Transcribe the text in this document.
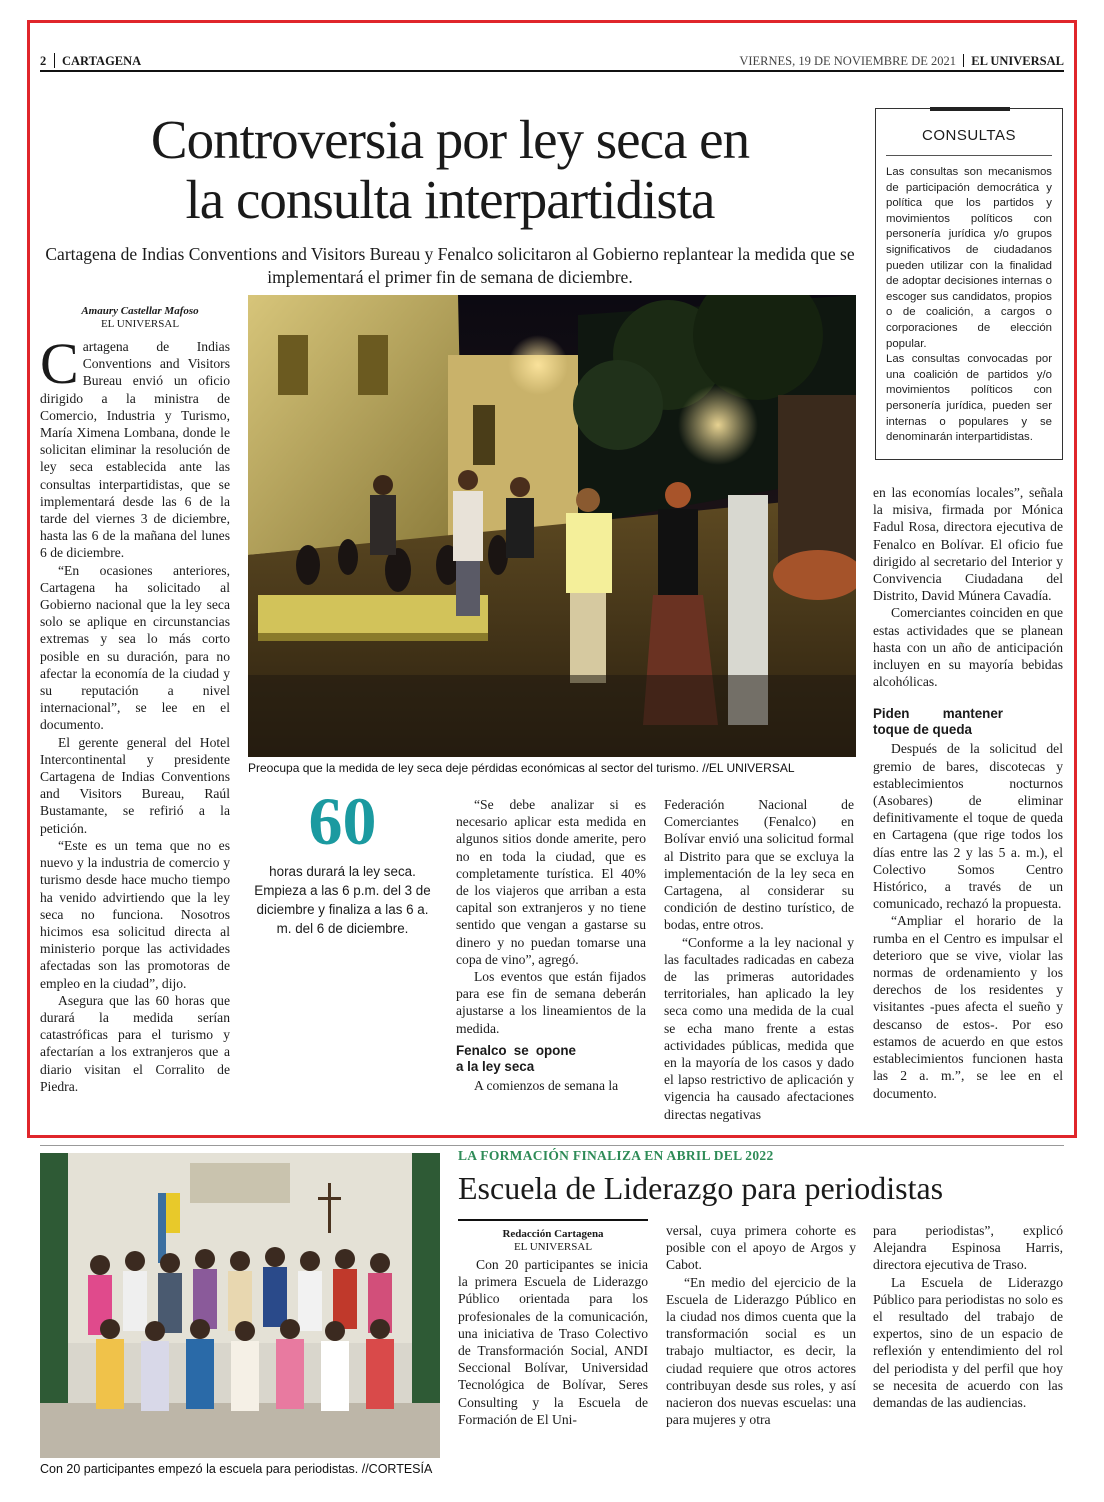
2 CARTAGENA	VIERNES, 19 DE NOVIEMBRE DE 2021 EL UNIVERSAL
Controversia por ley seca en
la consulta interpartidista
Cartagena de Indias Conventions and Visitors Bureau y Fenalco solicitaron al Gobierno replantear la medida que se implementará el primer fin de semana de diciembre.
CONSULTAS
Las consultas son mecanismos de participación democrática y política que los partidos y movimientos políticos con personería jurídica y/o grupos significativos de ciudadanos pueden utilizar con la finalidad de adoptar decisiones internas o escoger sus candidatos, propios o de coalición, a cargos o corporaciones de elección popular.
Las consultas convocadas por una coalición de partidos y/o movimientos políticos con personería jurídica, pueden ser internas o populares y se denominarán interpartidistas.
Amaury Castellar Mafoso
EL UNIVERSAL

Cartagena de Indias Conventions and Visitors Bureau envió un oficio dirigido a la ministra de Comercio, Industria y Turismo, María Ximena Lombana, donde le solicitan eliminar la resolución de ley seca establecida ante las consultas interpartidistas, que se implementará desde las 6 de la tarde del viernes 3 de diciembre, hasta las 6 de la mañana del lunes 6 de diciembre.

“En ocasiones anteriores, Cartagena ha solicitado al Gobierno nacional que la ley seca solo se aplique en circunstancias extremas y sea lo más corto posible en su duración, para no afectar la economía de la ciudad y su reputación a nivel internacional”, se lee en el documento.

El gerente general del Hotel Intercontinental y presidente Cartagena de Indias Conventions and Visitors Bureau, Raúl Bustamante, se refirió a la petición.

“Este es un tema que no es nuevo y la industria de comercio y turismo desde hace mucho tiempo ha venido advirtiendo que la ley seca no funciona. Nosotros hicimos esa solicitud directa al ministerio porque las actividades afectadas son las promotoras de empleo en la ciudad”, dijo.

Asegura que las 60 horas que durará la medida serían catastróficas para el turismo y afectarían a los extranjeros que a diario visitan el Corralito de Piedra.

Preocupa que la medida de ley seca deje pérdidas económicas al sector del turismo. //EL UNIVERSAL
60
horas durará la ley seca. Empieza a las 6 p.m. del 3 de diciembre y finaliza a las 6 a. m. del 6 de diciembre.

“Se debe analizar si es necesario aplicar esta medida en algunos sitios donde amerite, pero no en toda la ciudad, que es completamente turística. El 40% de los viajeros que arriban a esta capital son extranjeros y no tiene sentido que vengan a gastarse su dinero y no puedan tomarse una copa de vino”, agregó.

Los eventos que están fijados para ese fin de semana deberán ajustarse a los lineamientos de la medida.

Fenalco se opone a la ley seca

A comienzos de semana la

Federación Nacional de Comerciantes (Fenalco) en Bolívar envió una solicitud formal al Distrito para que se excluya la implementación de la ley seca en Cartagena, al considerar su condición de destino turístico, de bodas, entre otros.

“Conforme a la ley nacional y las facultades radicadas en cabeza de las primeras autoridades territoriales, han aplicado la ley seca como una medida de la cual se echa mano frente a estas actividades públicas, medida que en la mayoría de los casos y dado el lapso restrictivo de aplicación y vigencia ha causado afectaciones directas negativas

en las economías locales”, señala la misiva, firmada por Mónica Fadul Rosa, directora ejecutiva de Fenalco en Bolívar. El oficio fue dirigido al secretario del Interior y Convivencia Ciudadana del Distrito, David Múnera Cavadía.

Comerciantes coinciden en que estas actividades que se planean hasta con un año de anticipación incluyen en su mayoría bebidas alcohólicas.

Piden mantener toque de queda

Después de la solicitud del gremio de bares, discotecas y establecimientos nocturnos (Asobares) de eliminar definitivamente el toque de queda en Cartagena (que rige todos los días entre las 2 y las 5 a. m.), el Colectivo Somos Centro Histórico, a través de un comunicado, rechazó la propuesta.

“Ampliar el horario de la rumba en el Centro es impulsar el deterioro que se vive, violar las normas de ordenamiento y los derechos de los residentes y visitantes -pues afecta el sueño y descanso de estos-. Por eso estamos de acuerdo en que estos establecimientos funcionen hasta las 2 a. m.”, se lee en el documento.

Con 20 participantes empezó la escuela para periodistas. //CORTESÍA
LA FORMACIÓN FINALIZA EN ABRIL DEL 2022
Escuela de Liderazgo para periodistas
Redacción Cartagena
EL UNIVERSAL

Con 20 participantes se inicia la primera Escuela de Liderazgo Público orientada para los profesionales de la comunicación, una iniciativa de Traso Colectivo de Transformación Social, ANDI Seccional Bolívar, Universidad Tecnológica de Bolívar, Seres Consulting y la Escuela de Formación de El Uni-

versal, cuya primera cohorte es posible con el apoyo de Argos y Cabot.

“En medio del ejercicio de la Escuela de Liderazgo Público en la ciudad nos dimos cuenta que la transformación social es un trabajo multiactor, es decir, la ciudad requiere que otros actores contribuyan desde sus roles, y así nacieron dos nuevas escuelas: una para mujeres y otra

para periodistas”, explicó Alejandra Espinosa Harris, directora ejecutiva de Traso.

La Escuela de Liderazgo Público para periodistas no solo es el resultado del trabajo de expertos, sino de un espacio de reflexión y entendimiento del rol del periodista y del perfil que hoy se necesita de acuerdo con las demandas de las audiencias.
